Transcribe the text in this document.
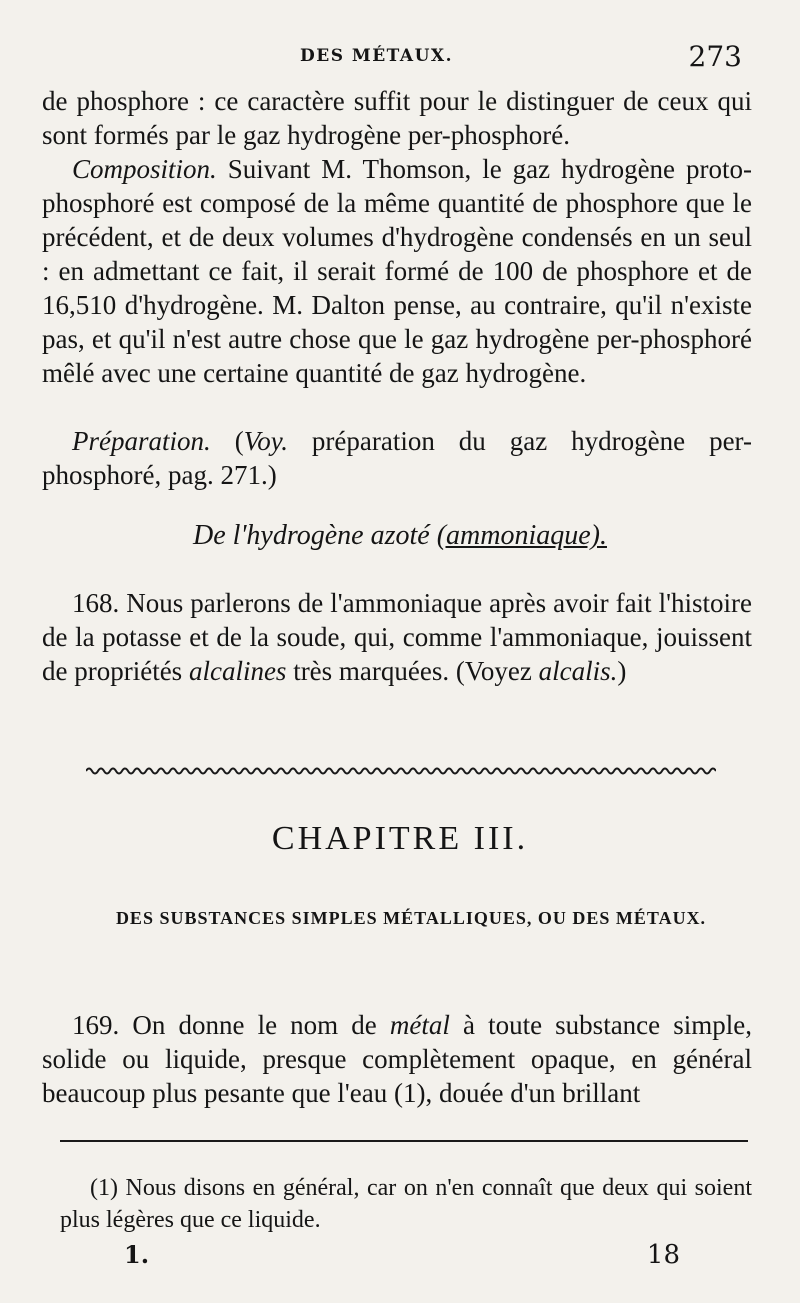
DES MÉTAUX.	273
de phosphore : ce caractère suffit pour le distinguer de ceux qui sont formés par le gaz hydrogène per-phosphoré.
Composition. Suivant M. Thomson, le gaz hydrogène proto-phosphoré est composé de la même quantité de phosphore que le précédent, et de deux volumes d'hydrogène condensés en un seul : en admettant ce fait, il serait formé de 100 de phosphore et de 16,510 d'hydrogène. M. Dalton pense, au contraire, qu'il n'existe pas, et qu'il n'est autre chose que le gaz hydrogène per-phosphoré mêlé avec une certaine quantité de gaz hydrogène.
Préparation. (Voy. préparation du gaz hydrogène per-phosphoré, pag. 271.)
De l'hydrogène azoté (ammoniaque).
168. Nous parlerons de l'ammoniaque après avoir fait l'histoire de la potasse et de la soude, qui, comme l'ammoniaque, jouissent de propriétés alcalines très marquées. (Voyez alcalis.)
CHAPITRE III.
DES SUBSTANCES SIMPLES MÉTALLIQUES, OU DES MÉTAUX.
169. On donne le nom de métal à toute substance simple, solide ou liquide, presque complètement opaque, en général beaucoup plus pesante que l'eau (1), douée d'un brillant
(1) Nous disons en général, car on n'en connaît que deux qui soient plus légères que ce liquide.
1.	18
